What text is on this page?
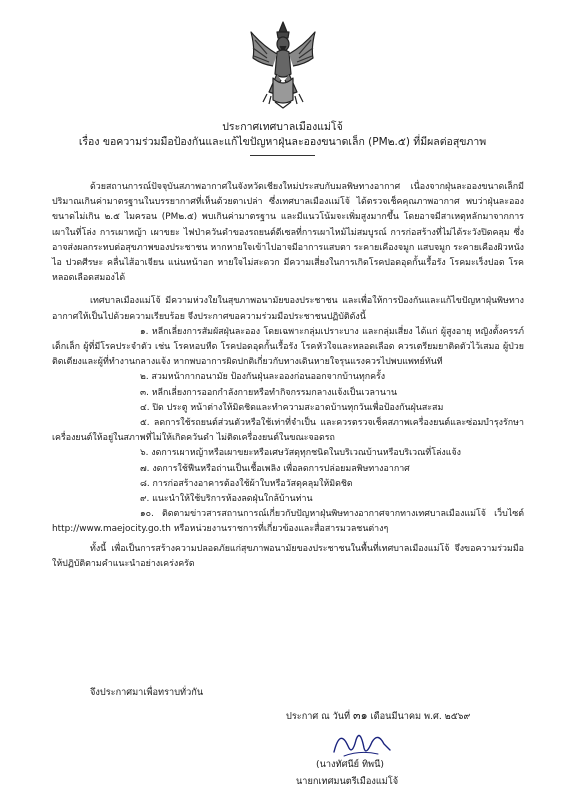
ประกาศเทศบาลเมืองแม่โจ้
เรื่อง ขอความร่วมมือป้องกันและแก้ไขปัญหาฝุ่นละอองขนาดเล็ก (PM๒.๕) ที่มีผลต่อสุขภาพ

ด้วยสถานการณ์ปัจจุบันสภาพอากาศในจังหวัดเชียงใหม่ประสบกับมลพิษทางอากาศ เนื่องจากฝุ่นละอองขนาดเล็กมีปริมาณเกินค่ามาตรฐานในบรรยากาศที่เห็นด้วยตาเปล่า ซึ่งเทศบาลเมืองแม่โจ้ ได้ตรวจเช็คคุณภาพอากาศ พบว่าฝุ่นละอองขนาดไม่เกิน ๒.๕ ไมครอน (PM๒.๕) พบเกินค่ามาตรฐาน และมีแนวโน้มจะเพิ่มสูงมากขึ้น โดยอาจมีสาเหตุหลักมาจากการเผาในที่โล่ง การเผาหญ้า เผาขยะ ไฟป่าควันดำของรถยนต์ดีเซลที่การเผาไหม้ไม่สมบูรณ์ การก่อสร้างที่ไม่ได้ระวังปิดคลุม ซึ่งอาจส่งผลกระทบต่อสุขภาพของประชาชน หากหายใจเข้าไปอาจมีอาการแสบตา ระคายเคืองจมูก แสบจมูก ระคายเคืองผิวหนัง ไอ ปวดศีรษะ คลื่นไส้อาเจียน แน่นหน้าอก หายใจไม่สะดวก มีความเสี่ยงในการเกิดโรคปอดอุดกั้นเรื้อรัง โรคมะเร็งปอด โรคหลอดเลือดสมองได้

เทศบาลเมืองแม่โจ้ มีความห่วงใยในสุขภาพอนามัยของประชาชน และเพื่อให้การป้องกันและแก้ไขปัญหาฝุ่นพิษทางอากาศให้เป็นไปด้วยความเรียบร้อย จึงประกาศขอความร่วมมือประชาชนปฏิบัติดังนี้

๑. หลีกเลี่ยงการสัมผัสฝุ่นละออง โดยเฉพาะกลุ่มเปราะบาง และกลุ่มเสี่ยง ได้แก่ ผู้สูงอายุ หญิงตั้งครรภ์ เด็กเล็ก ผู้ที่มีโรคประจำตัว เช่น โรคหอบหืด โรคปอดอุดกั้นเรื้อรัง โรคหัวใจและหลอดเลือด ควรเตรียมยาติดตัวไว้เสมอ ผู้ป่วยติดเตียงและผู้ที่ทำงานกลางแจ้ง หากพบอาการผิดปกติเกี่ยวกับทางเดินหายใจรุนแรงควรไปพบแพทย์ทันที

๒. สวมหน้ากากอนามัย ป้องกันฝุ่นละอองก่อนออกจากบ้านทุกครั้ง

๓. หลีกเลี่ยงการออกกำลังกายหรือทำกิจกรรมกลางแจ้งเป็นเวลานาน

๔. ปิด ประตู หน้าต่างให้มิดชิดและทำความสะอาดบ้านทุกวันเพื่อป้องกันฝุ่นสะสม

๕. ลดการใช้รถยนต์ส่วนตัวหรือใช้เท่าที่จำเป็น และควรตรวจเช็คสภาพเครื่องยนต์และซ่อมบำรุงรักษาเครื่องยนต์ให้อยู่ในสภาพที่ไม่ให้เกิดควันดำ ไม่ติดเครื่องยนต์ในขณะจอดรถ

๖. งดการเผาหญ้าหรือเผาขยะหรือเศษวัสดุทุกชนิดในบริเวณบ้านหรือบริเวณที่โล่งแจ้ง

๗. งดการใช้ฟืนหรือถ่านเป็นเชื้อเพลิง เพื่อลดการปล่อยมลพิษทางอากาศ

๘. การก่อสร้างอาคารต้องใช้ผ้าใบหรือวัสดุคลุมให้มิดชิด

๙. แนะนำให้ใช้บริการห้องลดฝุ่นใกล้บ้านท่าน

๑๐. ติดตามข่าวสารสถานการณ์เกี่ยวกับปัญหาฝุ่นพิษทางอากาศจากทางเทศบาลเมืองแม่โจ้ เว็บไซต์ http://www.maejocity.go.th หรือหน่วยงานราชการที่เกี่ยวข้องและสื่อสารมวลชนต่างๆ

ทั้งนี้ เพื่อเป็นการสร้างความปลอดภัยแก่สุขภาพอนามัยของประชาชนในพื้นที่เทศบาลเมืองแม่โจ้ จึงขอความร่วมมือให้ปฏิบัติตามคำแนะนำอย่างเคร่งครัด

จึงประกาศมาเพื่อทราบทั่วกัน
ประกาศ ณ วันที่ ๓๑ เดือนมีนาคม พ.ศ. ๒๕๖๙
(นางทัศนีย์ ทิพนี)
นายกเทศมนตรีเมืองแม่โจ้
